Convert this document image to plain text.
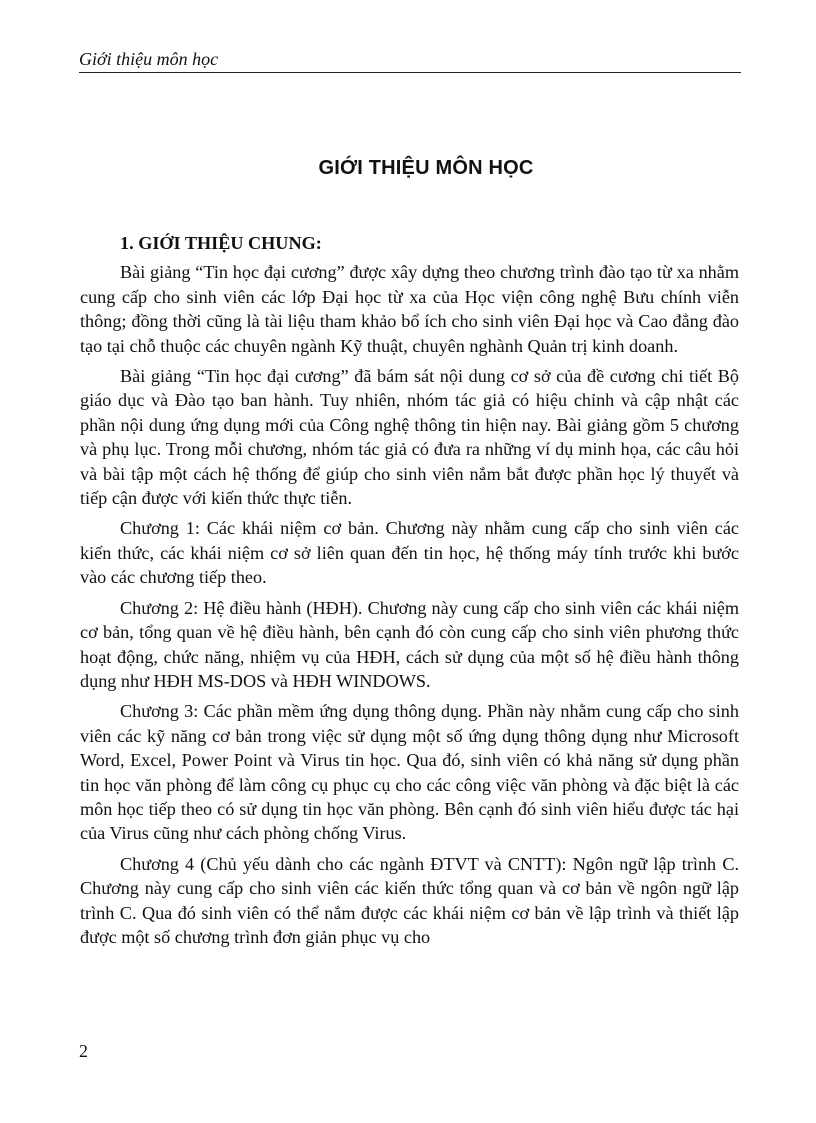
Giới thiệu môn học
GIỚI THIỆU MÔN HỌC
1. GIỚI THIỆU CHUNG:

Bài giảng “Tin học đại cương” được xây dựng theo chương trình đào tạo từ xa nhằm cung cấp cho sinh viên các lớp Đại học từ xa của Học viện công nghệ Bưu chính viễn thông; đồng thời cũng là tài liệu tham khảo bổ ích cho sinh viên Đại học và Cao đẳng đào tạo tại chỗ thuộc các chuyên ngành Kỹ thuật, chuyên nghành Quản trị kinh doanh.

Bài giảng “Tin học đại cương” đã bám sát nội dung cơ sở của đề cương chi tiết Bộ giáo dục và Đào tạo ban hành. Tuy nhiên, nhóm tác giả có hiệu chỉnh và cập nhật các phần nội dung ứng dụng mới của Công nghệ thông tin hiện nay. Bài giảng gồm 5 chương và phụ lục. Trong mỗi chương, nhóm tác giả có đưa ra những ví dụ minh họa, các câu hỏi và bài tập một cách hệ thống để giúp cho sinh viên nắm bắt được phần học lý thuyết và tiếp cận được với kiến thức thực tiễn.

Chương 1: Các khái niệm cơ bản. Chương này nhằm cung cấp cho sinh viên các kiến thức, các khái niệm cơ sở liên quan đến tin học, hệ thống máy tính trước khi bước vào các chương tiếp theo.

Chương 2: Hệ điều hành (HĐH). Chương này cung cấp cho sinh viên các khái niệm cơ bản, tổng quan về hệ điều hành, bên cạnh đó còn cung cấp cho sinh viên phương thức hoạt động, chức năng, nhiệm vụ của HĐH, cách sử dụng của một số hệ điều hành thông dụng như HĐH MS-DOS và HĐH WINDOWS.

Chương 3: Các phần mềm ứng dụng thông dụng. Phần này nhằm cung cấp cho sinh viên các kỹ năng cơ bản trong việc sử dụng một số ứng dụng thông dụng như Microsoft Word, Excel, Power Point và Virus tin học. Qua đó, sinh viên có khả năng sử dụng phần tin học văn phòng để làm công cụ phục cụ cho các công việc văn phòng và đặc biệt là các môn học tiếp theo có sử dụng tin học văn phòng. Bên cạnh đó sinh viên hiểu được tác hại của Virus cũng như cách phòng chống Virus.

Chương 4 (Chủ yếu dành cho các ngành ĐTVT và CNTT): Ngôn ngữ lập trình C. Chương này cung cấp cho sinh viên các kiến thức tổng quan và cơ bản về ngôn ngữ lập trình C. Qua đó sinh viên có thể nắm được các khái niệm cơ bản về lập trình và thiết lập được một số chương trình đơn giản phục vụ cho

2
